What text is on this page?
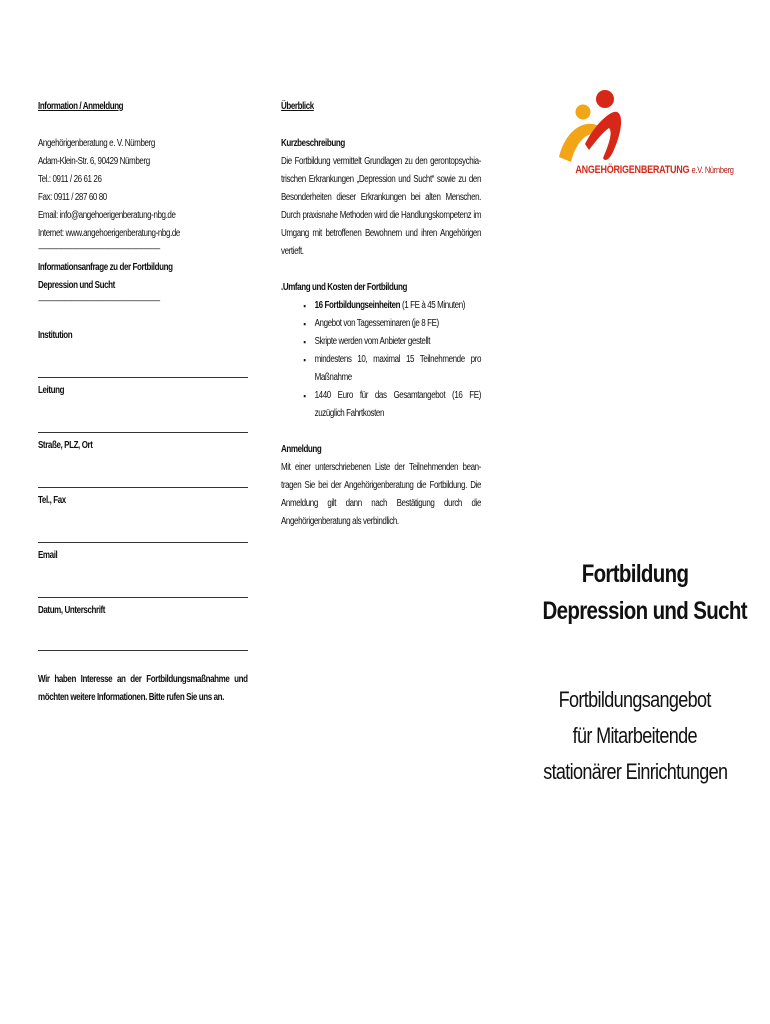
Information / Anmeldung
Angehörigenberatung e. V. Nürnberg
Adam-Klein-Str. 6, 90429 Nürnberg
Tel.: 0911 / 26 61 26
Fax: 0911 / 287 60 80
Email: info@angehoerigenberatung-nbg.de
Internet: www.angehoerigenberatung-nbg.de
-------------------------------------------------------------------------
Informationsanfrage zu der Fortbildung
Depression und Sucht
-------------------------------------------------------------------------
Institution
Leitung
Straße, PLZ, Ort
Tel., Fax
Email
Datum, Unterschrift
Wir haben Interesse an der Fortbildungsmaßnahme und möchten weitere Informationen. Bitte rufen Sie uns an.
Überblick
Kurzbeschreibung
Die Fortbildung vermittelt Grundlagen zu den gerontopsychia-trischen Erkrankungen „Depression und Sucht“ sowie zu den Besonderheiten dieser Erkrankungen bei alten Menschen. Durch praxisnahe Methoden wird die Handlungskompetenz im Umgang mit betroffenen Bewohnern und ihren Angehörigen vertieft.
.Umfang und Kosten der Fortbildung
▪ 16 Fortbildungseinheiten (1 FE à 45 Minuten)
▪ Angebot von Tagesseminaren (je 8 FE)
▪ Skripte werden vom Anbieter gestellt
▪ mindestens 10, maximal 15 Teilnehmende pro Maßnahme
▪ 1440 Euro für das Gesamtangebot (16 FE) zuzüglich Fahrtkosten
Anmeldung
Mit einer unterschriebenen Liste der Teilnehmenden bean-tragen Sie bei der Angehörigenberatung die Fortbildung. Die Anmeldung gilt dann nach Bestätigung durch die Angehörigenberatung als verbindlich.
ANGEHÖRIGENBERATUNG e.V. Nürnberg
Fortbildung
Depression und Sucht
Fortbildungsangebot
für Mitarbeitende
stationärer Einrichtungen
